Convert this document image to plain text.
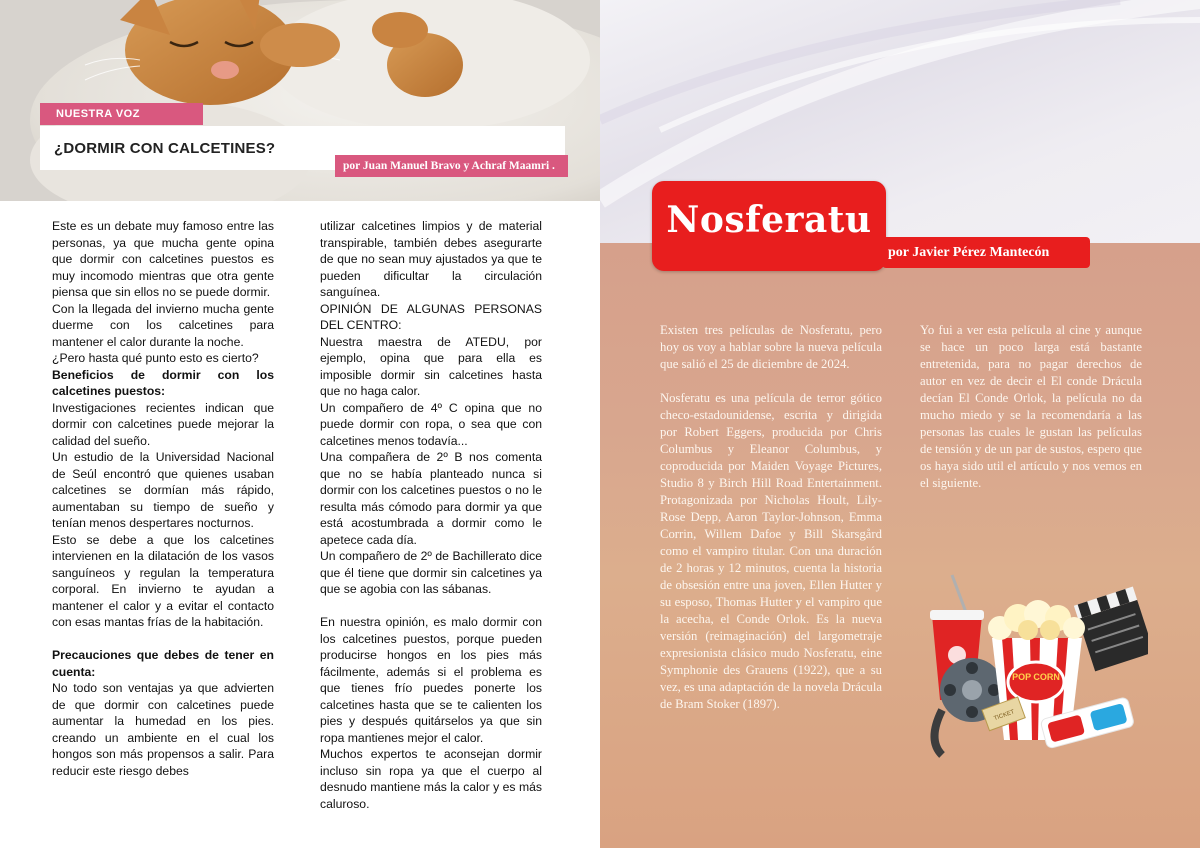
NUESTRA VOZ
¿DORMIR CON CALCETINES?
por Juan Manuel Bravo y Achraf Maamri .

Este es un debate muy famoso entre las personas, ya que mucha gente opina que dormir con calcetines puestos es muy incomodo mientras que otra gente piensa que sin ellos no se puede dormir.

Con la llegada del invierno mucha gente duerme con los calcetines para mantener el calor durante la noche.

¿Pero hasta qué punto esto es cierto?

Beneficios de dormir con los calcetines puestos:

Investigaciones recientes indican que dormir con calcetines puede mejorar la calidad del sueño.

Un estudio de la Universidad Nacional de Seúl encontró que quienes usaban calcetines se dormían más rápido, aumentaban su tiempo de sueño y tenían menos despertares nocturnos.

Esto se debe a que los calcetines intervienen en la dilatación de los vasos sanguíneos y regulan la temperatura corporal. En invierno te ayudan a mantener el calor y a evitar el contacto con esas mantas frías de la habitación.

Precauciones que debes de tener en cuenta:

No todo son ventajas ya que advierten de que dormir con calcetines puede aumentar la humedad en los pies. creando un ambiente en el cual los hongos son más propensos a salir. Para reducir este riesgo debes

utilizar calcetines limpios y de material transpirable, también debes asegurarte de que no sean muy ajustados ya que te pueden dificultar la circulación sanguínea.

OPINIÓN DE ALGUNAS PERSONAS DEL CENTRO:

Nuestra maestra de ATEDU, por ejemplo, opina que para ella es imposible dormir sin calcetines hasta que no haga calor.

Un compañero de 4º C opina que no puede dormir con ropa, o sea que con calcetines menos todavía...

Una compañera de 2º B nos comenta que no se había planteado nunca si dormir con los calcetines puestos o no le resulta más cómodo para dormir ya que está acostumbrada a dormir como le apetece cada día.

Un compañero de 2º de Bachillerato dice que él tiene que dormir sin calcetines ya que se agobia con las sábanas.

En nuestra opinión, es malo dormir con los calcetines puestos, porque pueden producirse hongos en los pies más fácilmente, además si el problema es que tienes frío puedes ponerte los calcetines hasta que se te calienten los pies y después quitárselos ya que sin ropa mantienes mejor el calor.

Muchos expertos te aconsejan dormir incluso sin ropa ya que el cuerpo al desnudo mantiene más la calor y es más caluroso.

Nosferatu
por Javier Pérez Mantecón

Existen tres películas de Nosferatu, pero hoy os voy a hablar sobre la nueva película que salió el 25 de diciembre de 2024.

Nosferatu es una película de terror gótico checo-estadounidense, escrita y dirigida por Robert Eggers, producida por Chris Columbus y Eleanor Columbus, y coproducida por Maiden Voyage Pictures, Studio 8 y Birch Hill Road Entertainment. Protagonizada por Nicholas Hoult, Lily-Rose Depp, Aaron Taylor-Johnson, Emma Corrin, Willem Dafoe y Bill Skarsgård como el vampiro titular. Con una duración de 2 horas y 12 minutos, cuenta la historia de obsesión entre una joven, Ellen Hutter y su esposo, Thomas Hutter y el vampiro que la acecha, el Conde Orlok. Es la nueva versión (reimaginación) del largometraje expresionista clásico mudo Nosferatu, eine Symphonie des Grauens (1922), que a su vez, es una adaptación de la novela Drácula de Bram Stoker (1897).

Yo fui a ver esta película al cine y aunque se hace un poco larga está bastante entretenida, para no pagar derechos de autor en vez de decir el El conde Drácula decían El Conde Orlok, la película no da mucho miedo y se la recomendaría a las personas las cuales le gustan las películas de tensión y de un par de sustos, espero que os haya sido util el artículo y nos vemos en el siguiente.

POP CORN
TICKET
